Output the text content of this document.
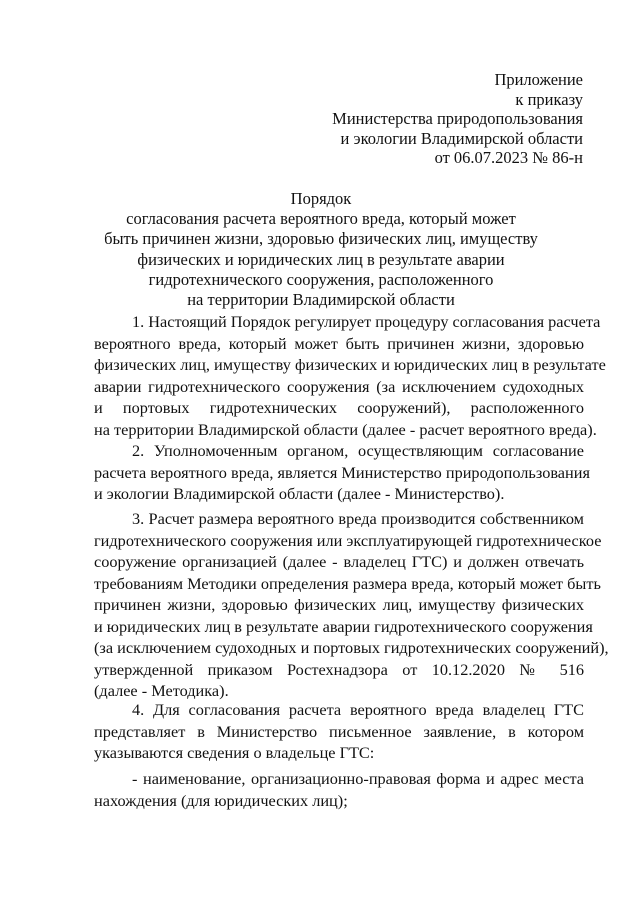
Приложение
к приказу
Министерства природопользования
и экологии Владимирской области
от 06.07.2023 № 86-н
Порядок
согласования расчета вероятного вреда, который может
быть причинен жизни, здоровью физических лиц, имуществу
физических и юридических лиц в результате аварии
гидротехнического сооружения, расположенного
на территории Владимирской области
1. Настоящий Порядок регулирует процедуру согласования расчета
вероятного вреда, который может быть причинен жизни, здоровью
физических лиц, имуществу физических и юридических лиц в результате
аварии гидротехнического сооружения (за исключением судоходных
и портовых гидротехнических сооружений), расположенного
на территории Владимирской области (далее - расчет вероятного вреда).
2. Уполномоченным органом, осуществляющим согласование
расчета вероятного вреда, является Министерство природопользования
и экологии Владимирской области (далее - Министерство).
3. Расчет размера вероятного вреда производится собственником
гидротехнического сооружения или эксплуатирующей гидротехническое
сооружение организацией (далее - владелец ГТС) и должен отвечать
требованиям Методики определения размера вреда, который может быть
причинен жизни, здоровью физических лиц, имуществу физических
и юридических лиц в результате аварии гидротехнического сооружения
(за исключением судоходных и портовых гидротехнических сооружений),
утвержденной приказом Ростехнадзора от 10.12.2020 № 516
(далее - Методика).
4. Для согласования расчета вероятного вреда владелец ГТС
представляет в Министерство письменное заявление, в котором
указываются сведения о владельце ГТС:
- наименование, организационно-правовая форма и адрес места
нахождения (для юридических лиц);
